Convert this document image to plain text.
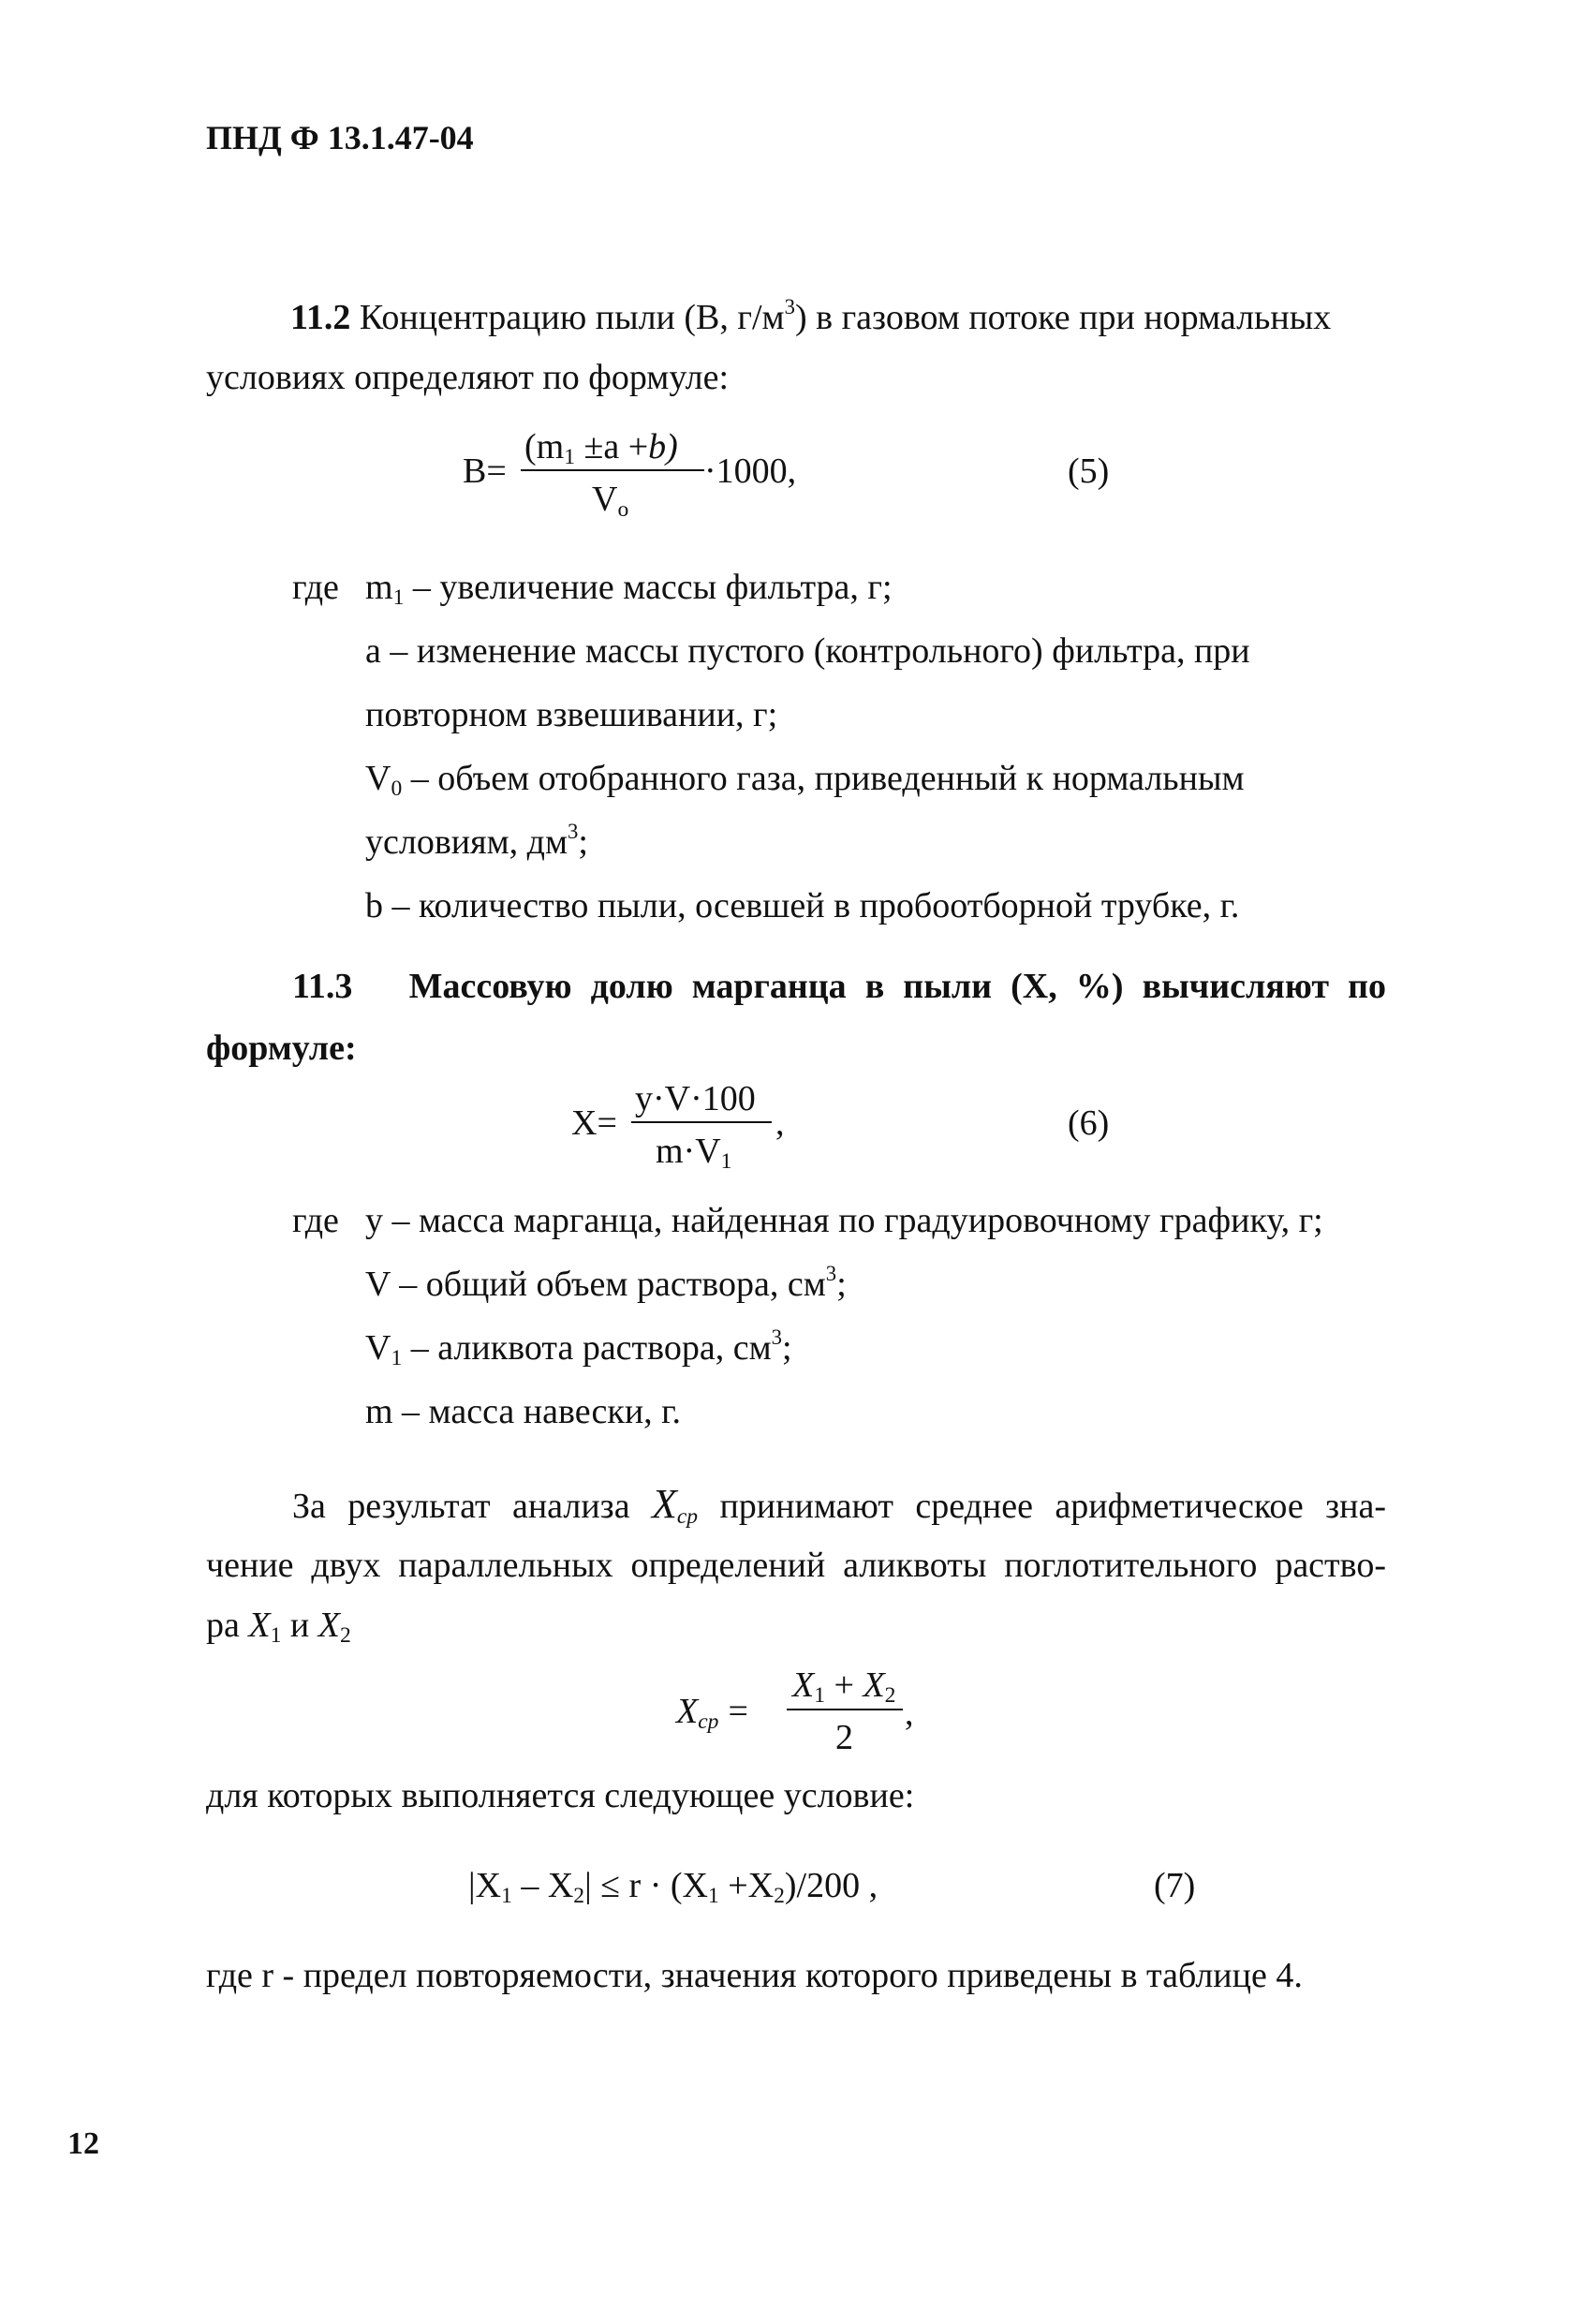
ПНД Ф 13.1.47-04
11.2 Концентрацию пыли (В, $г/м^3$) в газовом потоке при нормальных
условиях определяют по формуле:
B=
$(m_1 \pm a +b)$
$V_o$
·1000,	(5)
где $m_1$ – увеличение массы фильтра, г;
а – изменение массы пустого (контрольного) фильтра, при
повторном взвешивании, г;
$V_0$ – объем отобранного газа, приведенный к нормальным
условиям, $дм^3$;
b – количество пыли, осевшей в пробоотборной трубке, г.
11.3 Массовую долю марганца в пыли (Х, %) вычисляют по
формуле:
X=
y·V·100
$m\cdot V_1$
,	(6)
где у – масса марганца, найденная по градуировочному графику, г;
V – общий объем раствора, $см^3$;
$V_1$ – аликвота раствора, $см^3$;
m – масса навески, г.
За результат анализа $X_{cp}$ принимают среднее арифметическое зна-
чение двух параллельных определений аликвоты поглотительного раство-
ра $X_1$ и $X_2$
$X_{cp}$ =
$X_1 + X_2$
2
,
для которых выполняется следующее условие:
$|X_1 - X_2| \le r \cdot (X_1 +X_2)/200$ ,	(7)
где r - предел повторяемости, значения которого приведены в таблице 4.
12
